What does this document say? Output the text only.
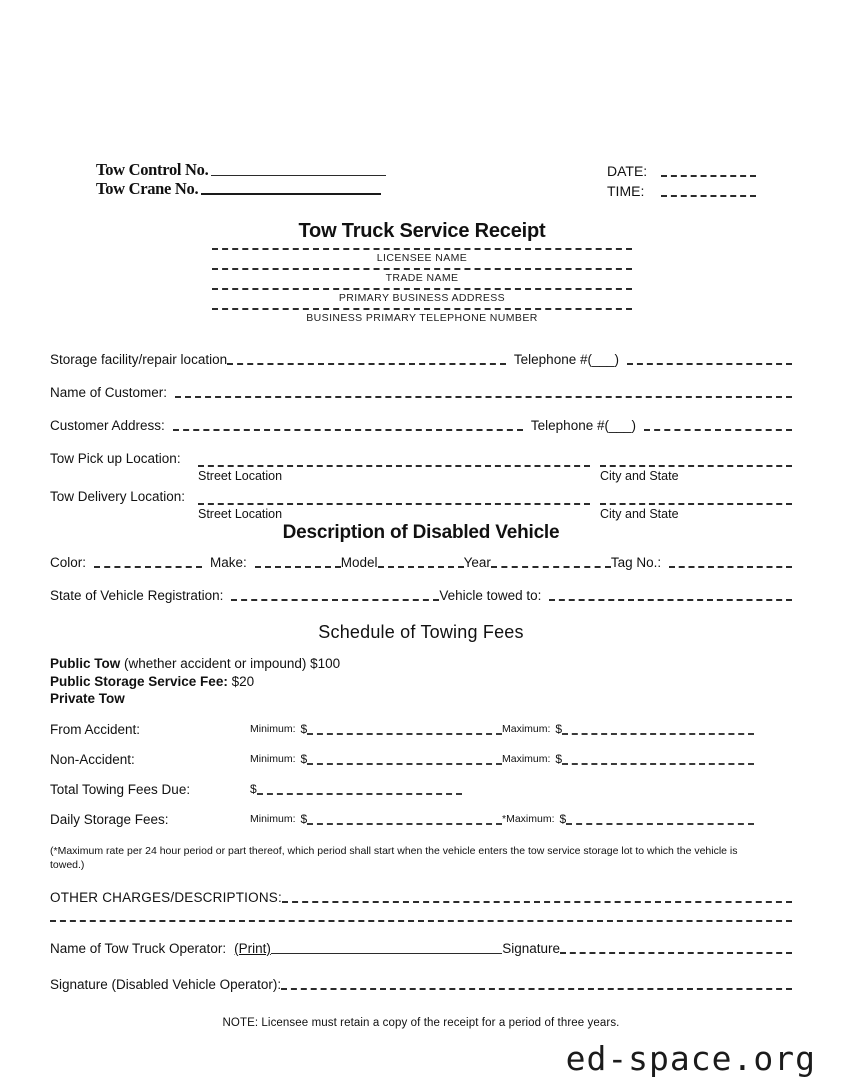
Tow Control No.
Tow Crane No.
DATE:
TIME:
Tow Truck Service Receipt
LICENSEE NAME
TRADE NAME
PRIMARY BUSINESS ADDRESS
BUSINESS PRIMARY TELEPHONE NUMBER
Storage facility/repair location	Telephone #(___)
Name of Customer:
Customer Address:	Telephone #(___)
Tow Pick up Location:
Street Location	City and State
Tow Delivery Location:
Street Location	City and State
Description of Disabled Vehicle
Color:	Make:	Model	Year	Tag No.:
State of Vehicle Registration:	Vehicle towed to:
Schedule of Towing Fees
Public Tow (whether accident or impound) $100
Public Storage Service Fee: $20
Private Tow
From Accident:	Minimum: $	Maximum: $
Non-Accident:	Minimum: $	Maximum: $
Total Towing Fees Due:	$
Daily Storage Fees:	Minimum: $	*Maximum: $
(*Maximum rate per 24 hour period or part thereof, which period shall start when the vehicle enters the tow service storage lot to which the vehicle is towed.)
OTHER CHARGES/DESCRIPTIONS:
Name of Tow Truck Operator: (Print)	Signature
Signature (Disabled Vehicle Operator):
NOTE: Licensee must retain a copy of the receipt for a period of three years.
ed-space.org
